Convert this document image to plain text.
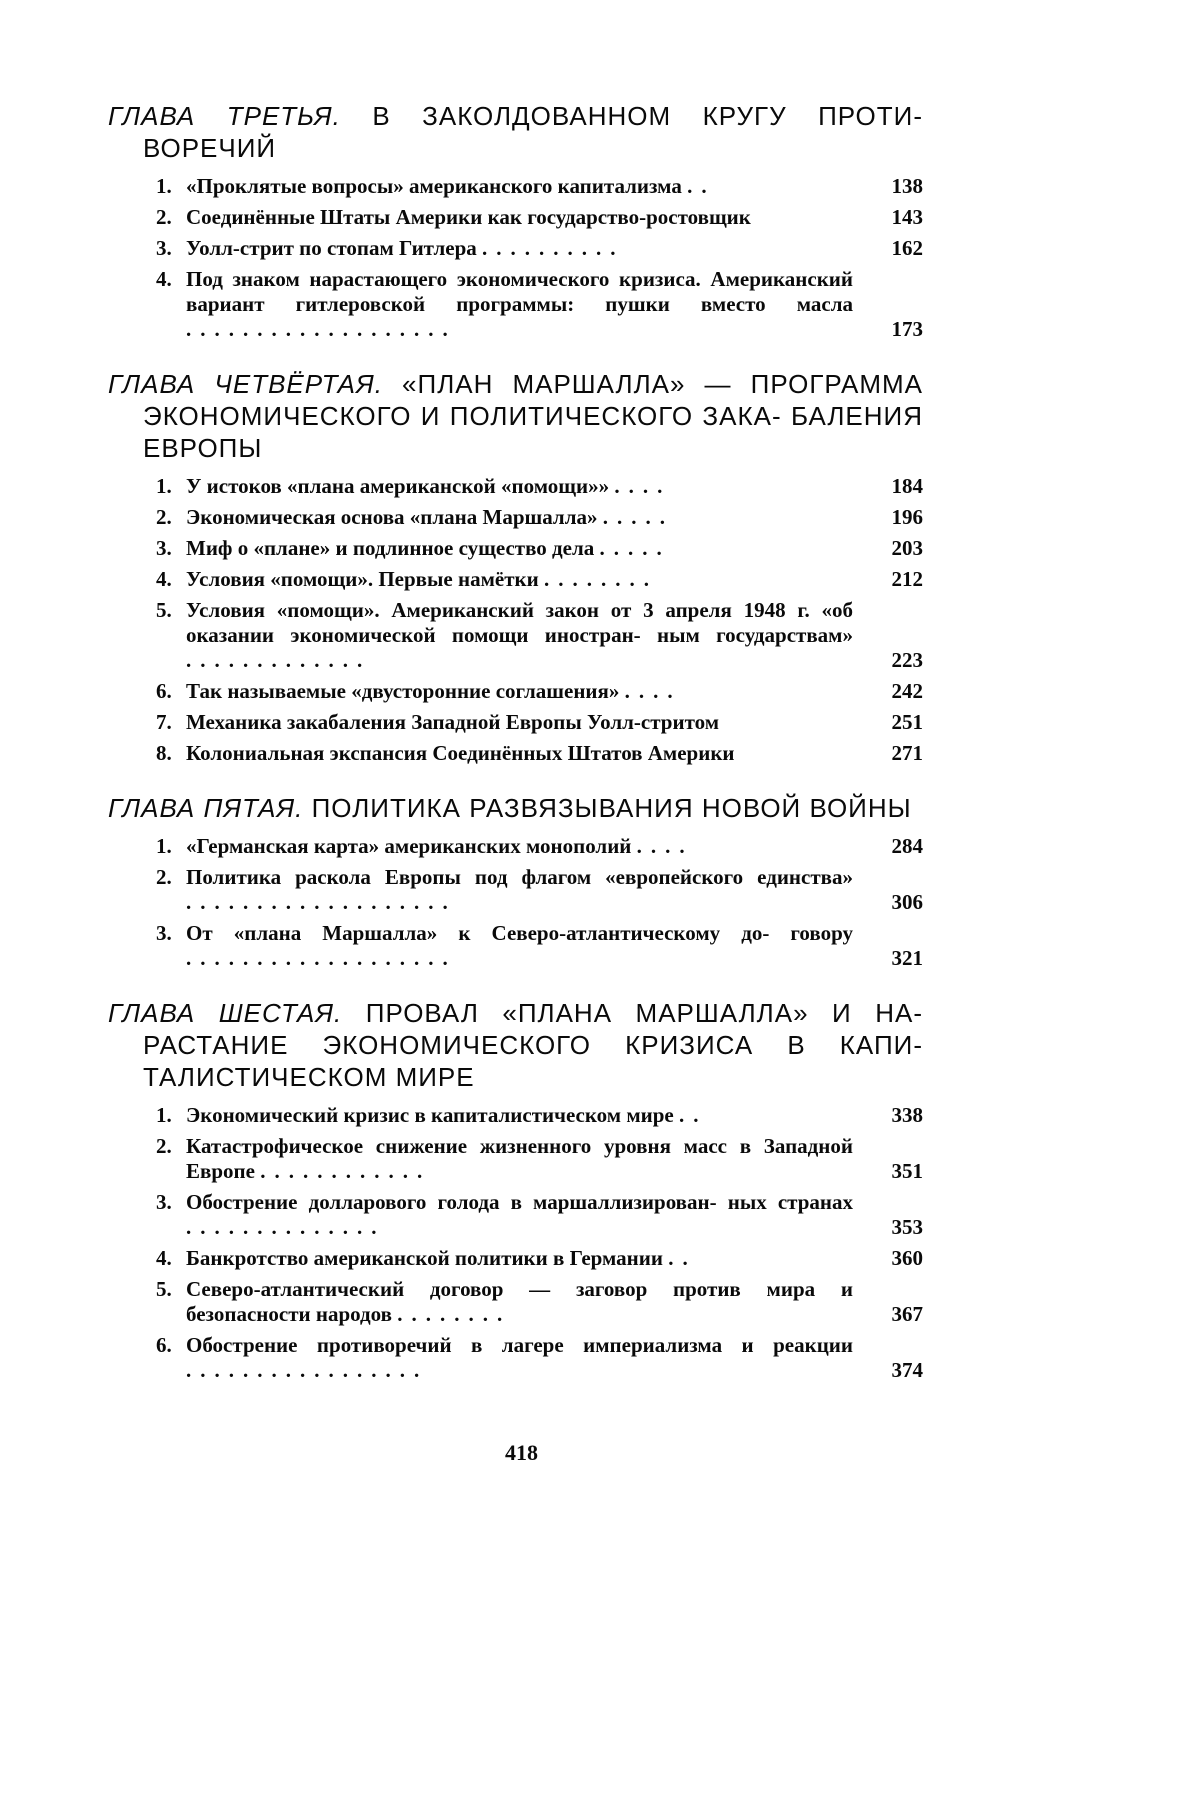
ГЛАВА ТРЕТЬЯ. В ЗАКОЛДОВАННОМ КРУГУ ПРОТИ- ВОРЕЧИЙ
1. «Проклятые вопросы» американского капитализма ..	138
2. Соединённые Штаты Америки как государство-ростовщик	143
3. Уолл-стрит по стопам Гитлера ..........	162
4. Под знаком нарастающего экономического кризиса. Американский вариант гитлеровской программы: пушки вместо масла ...................	173
ГЛАВА ЧЕТВЁРТАЯ. «ПЛАН МАРШАЛЛА» — ПРОГРАММА ЭКОНОМИЧЕСКОГО И ПОЛИТИЧЕСКОГО ЗАКА- БАЛЕНИЯ ЕВРОПЫ
1. У истоков «плана американской «помощи»» ....	184
2. Экономическая основа «плана Маршалла» .....	196
3. Миф о «плане» и подлинное существо дела .....	203
4. Условия «помощи». Первые намётки ........	212
5. Условия «помощи». Американский закон от 3 апреля 1948 г. «об оказании экономической помощи иностран- ным государствам» .............	223
6. Так называемые «двусторонние соглашения» ....	242
7. Механика закабаления Западной Европы Уолл-стритом	251
8. Колониальная экспансия Соединённых Штатов Америки	271
ГЛАВА ПЯТАЯ. ПОЛИТИКА РАЗВЯЗЫВАНИЯ НОВОЙ ВОЙНЫ
1. «Германская карта» американских монополий ....	284
2. Политика раскола Европы под флагом «европейского единства» ...................	306
3. От «плана Маршалла» к Северо-атлантическому до- говору ...................	321
ГЛАВА ШЕСТАЯ. ПРОВАЛ «ПЛАНА МАРШАЛЛА» И НА- РАСТАНИЕ ЭКОНОМИЧЕСКОГО КРИЗИСА В КАПИ- ТАЛИСТИЧЕСКОМ МИРЕ
1. Экономический кризис в капиталистическом мире ..	338
2. Катастрофическое снижение жизненного уровня масс в Западной Европе ............	351
3. Обострение долларового голода в маршаллизирован- ных странах ..............	353
4. Банкротство американской политики в Германии ..	360
5. Северо-атлантический договор — заговор против мира и безопасности народов ........	367
6. Обострение противоречий в лагере империализма и реакции .................	374
418
